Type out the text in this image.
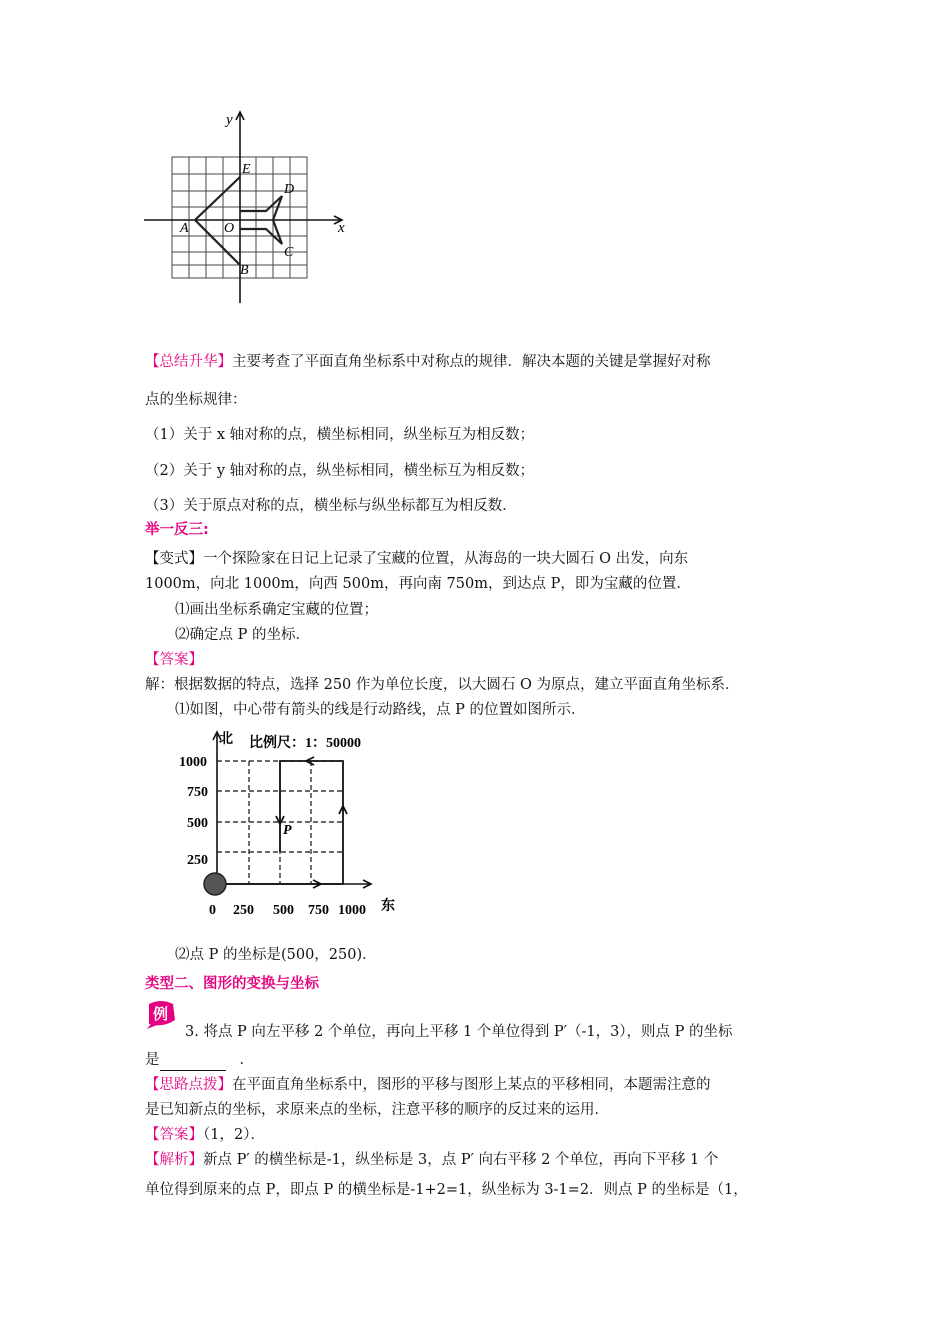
y
x
E
D
A	O
C
B
【总结升华】主要考查了平面直角坐标系中对称点的规律．解决本题的关键是掌握好对称
点的坐标规律：
（1）关于 x 轴对称的点，横坐标相同，纵坐标互为相反数；
（2）关于 y 轴对称的点，纵坐标相同，横坐标互为相反数；
（3）关于原点对称的点，横坐标与纵坐标都互为相反数．
举一反三:
【变式】一个探险家在日记上记录了宝藏的位置，从海岛的一块大圆石 O 出发，向东
1000m，向北 1000m，向西 500m，再向南 750m，到达点 P，即为宝藏的位置．
⑴画出坐标系确定宝藏的位置；
⑵确定点 P 的坐标．
【答案】
解：根据数据的特点，选择 250 作为单位长度，以大圆石 O 为原点，建立平面直角坐标系．
⑴如图，中心带有箭头的线是行动路线，点 P 的位置如图所示．
北 比例尺：1：50000
1000
750
500
250
P
0 250 500 750 1000 东
⑵点 P 的坐标是(500，250)．
类型二、图形的变换与坐标
例
3. 将点 P 向左平移 2 个单位，再向上平移 1 个单位得到 P′（-1，3），则点 P 的坐标
是	．
【思路点拨】在平面直角坐标系中，图形的平移与图形上某点的平移相同，本题需注意的
是已知新点的坐标，求原来点的坐标，注意平移的顺序的反过来的运用．
【答案】（1，2）．
【解析】新点 P′ 的横坐标是-1，纵坐标是 3，点 P′ 向右平移 2 个单位，再向下平移 1 个
单位得到原来的点 P，即点 P 的横坐标是-1+2=1，纵坐标为 3-1=2．则点 P 的坐标是（1，
